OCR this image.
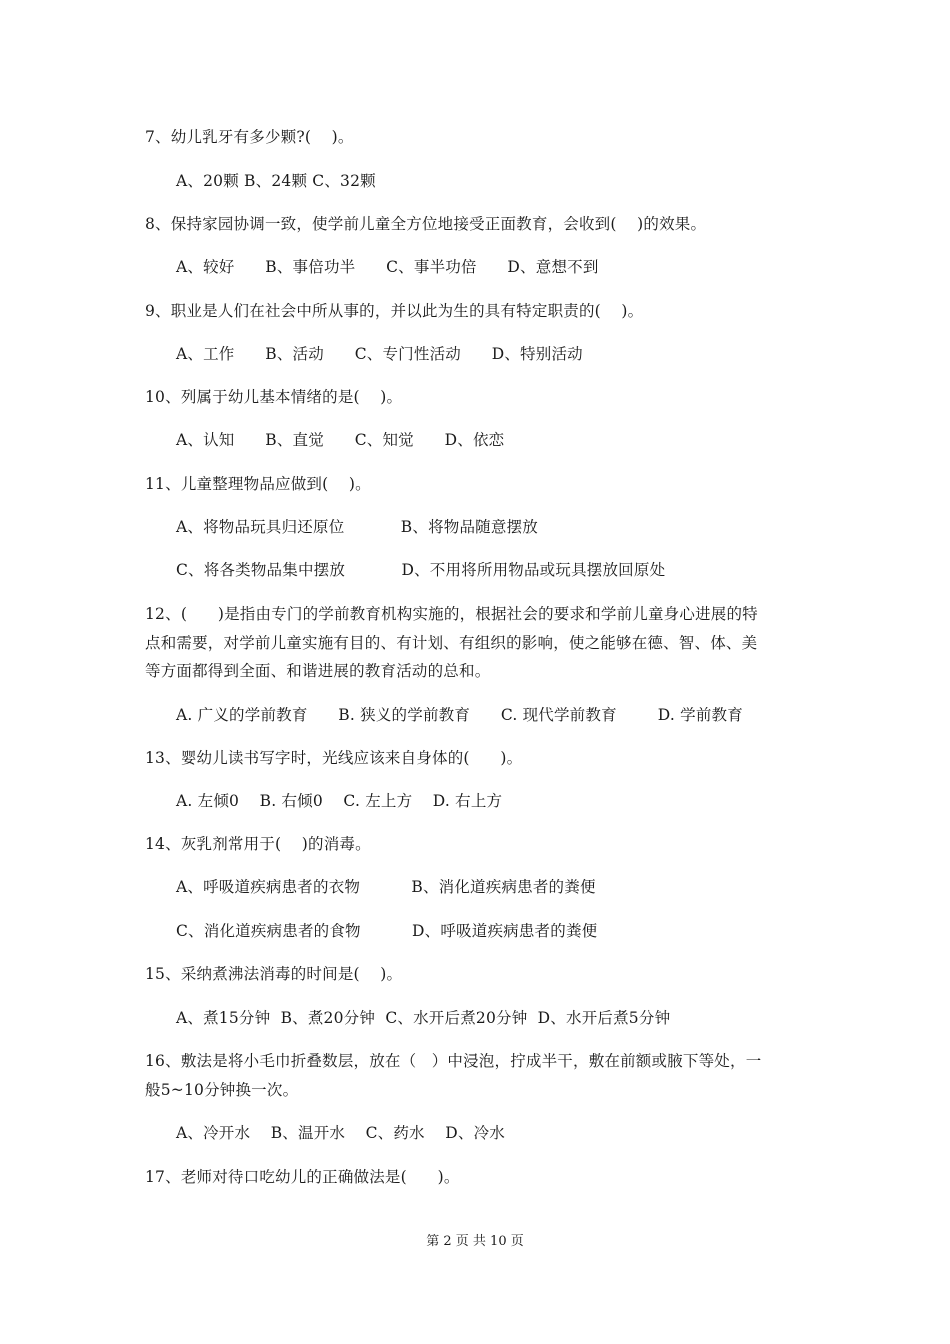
7、幼儿乳牙有多少颗?(    )。
A、20颗 B、24颗 C、32颗
8、保持家园协调一致，使学前儿童全方位地接受正面教育，会收到(    )的效果。
A、较好      B、事倍功半      C、事半功倍      D、意想不到
9、职业是人们在社会中所从事的，并以此为生的具有特定职责的(    )。
A、工作      B、活动      C、专门性活动      D、特别活动
10、列属于幼儿基本情绪的是(    )。
A、认知      B、直觉      C、知觉      D、依恋
11、儿童整理物品应做到(    )。
A、将物品玩具归还原位           B、将物品随意摆放
C、将各类物品集中摆放           D、不用将所用物品或玩具摆放回原处
12、(      )是指由专门的学前教育机构实施的，根据社会的要求和学前儿童身心进展的特
点和需要，对学前儿童实施有目的、有计划、有组织的影响，使之能够在德、智、体、美
等方面都得到全面、和谐进展的教育活动的总和。
A. 广义的学前教育      B. 狭义的学前教育      C. 现代学前教育        D. 学前教育
13、婴幼儿读书写字时，光线应该来自身体的(      )。
A. 左倾0    B. 右倾0    C. 左上方    D. 右上方
14、灰乳剂常用于(    )的消毒。
A、呼吸道疾病患者的衣物          B、消化道疾病患者的粪便
C、消化道疾病患者的食物          D、呼吸道疾病患者的粪便
15、采纳煮沸法消毒的时间是(    )。
A、煮15分钟  B、煮20分钟  C、水开后煮20分钟  D、水开后煮5分钟
16、敷法是将小毛巾折叠数层，放在（   ）中浸泡，拧成半干，敷在前额或腋下等处，一
般5~10分钟换一次。
A、冷开水    B、温开水    C、药水    D、冷水
17、老师对待口吃幼儿的正确做法是(      )。
第 2 页 共 10 页
